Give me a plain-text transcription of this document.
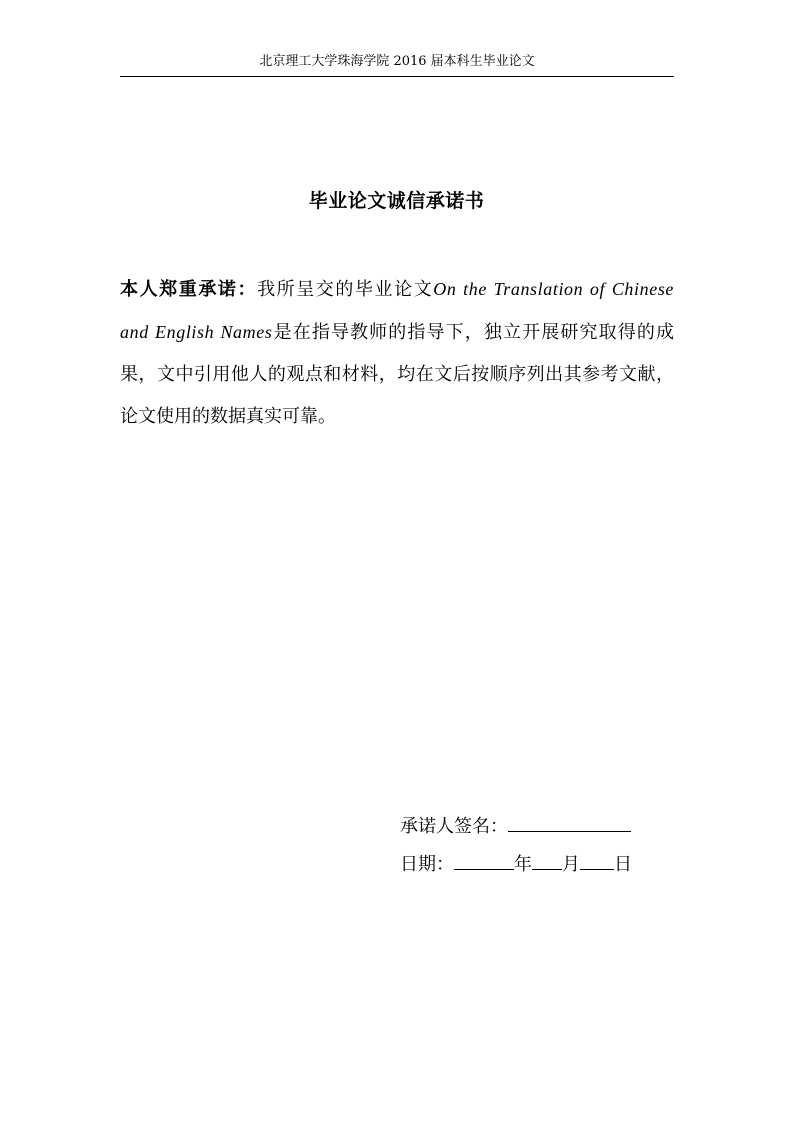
北京理工大学珠海学院 2016 届本科生毕业论文
毕业论文诚信承诺书
本人郑重承诺：我所呈交的毕业论文On the Translation of Chinese and English Names是在指导教师的指导下，独立开展研究取得的成果，文中引用他人的观点和材料，均在文后按顺序列出其参考文献，论文使用的数据真实可靠。
承诺人签名：
日期：	年 月 日
